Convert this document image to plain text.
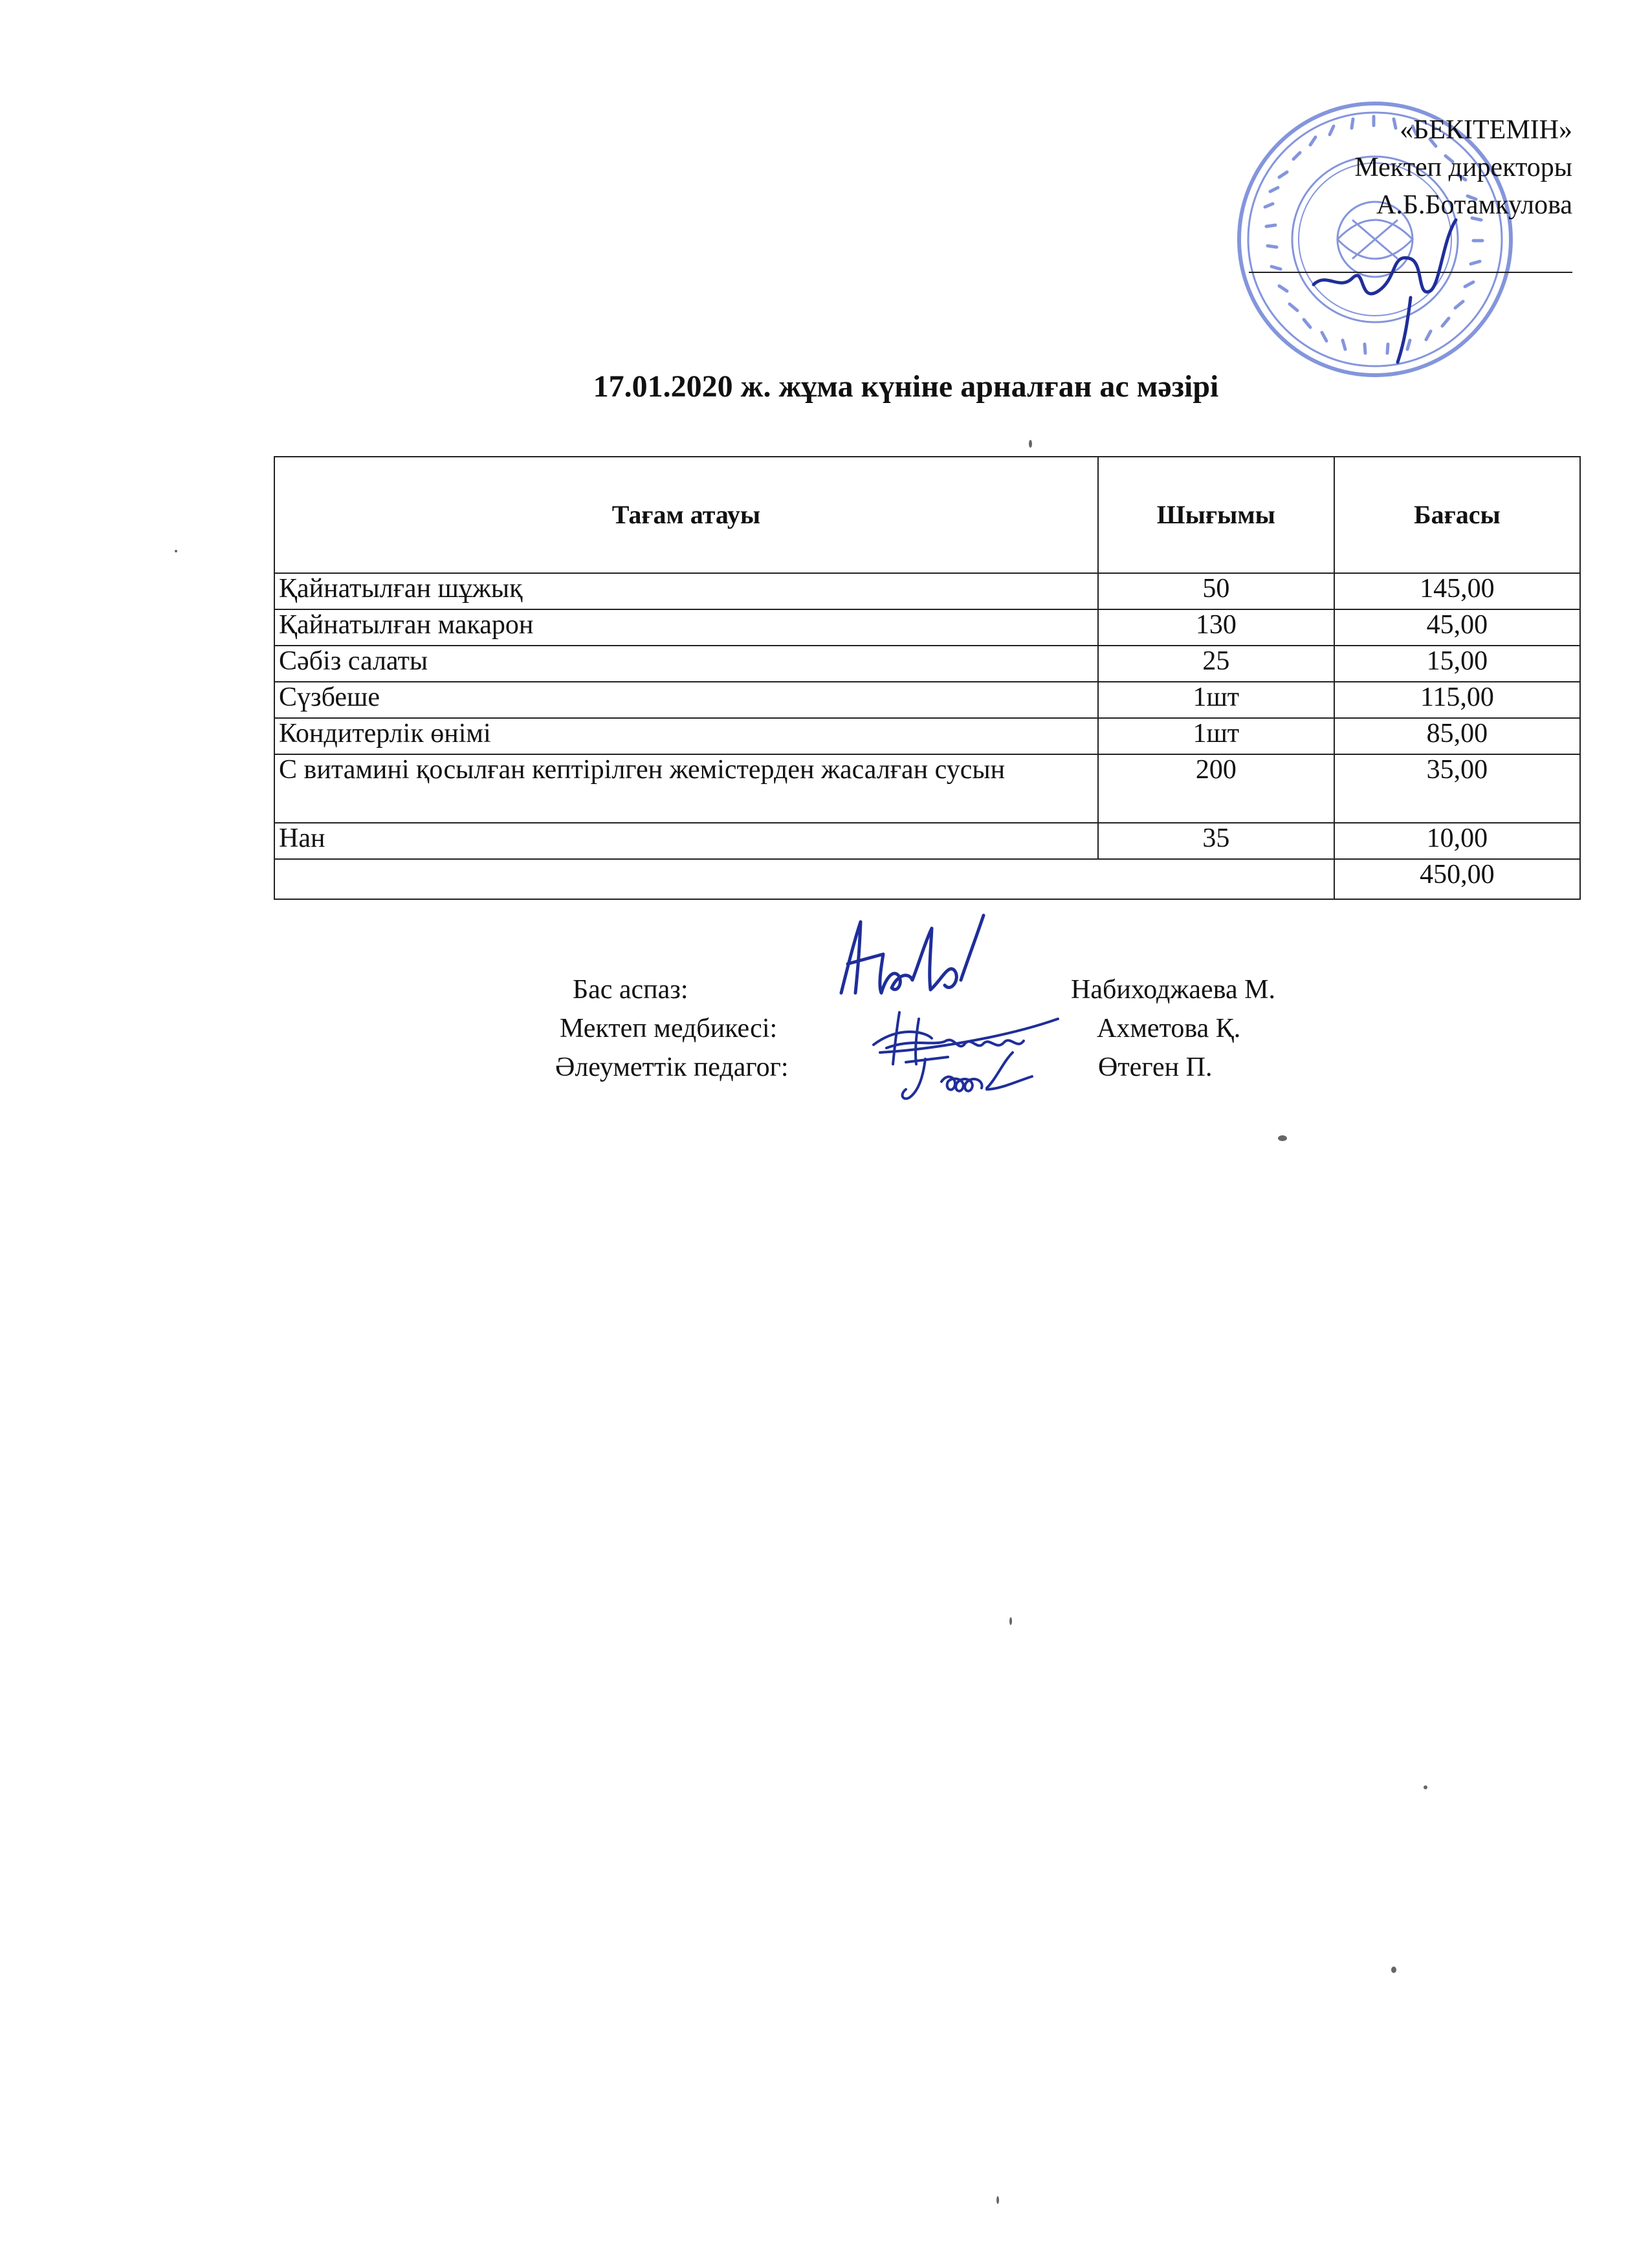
«БЕКІТЕМІН»
Мектеп директоры
А.Б.Ботамкулова
17.01.2020 ж. жұма күніне арналған ас мәзірі
Тағам атауы	Шығымы	Бағасы
Қайнатылған шұжық	50	145,00
Қайнатылған макарон	130	45,00
Сәбіз салаты	25	15,00
Сүзбеше	1шт	115,00
Кондитерлік өнімі	1шт	85,00
С витамині қосылған кептірілген жемістерден жасалған сусын	200	35,00
Нан	35	10,00
		450,00
Бас аспаз:	Набиходжаева М.
Мектеп медбикесі:	Ахметова Қ.
Әлеуметтік педагог:	Өтеген П.
